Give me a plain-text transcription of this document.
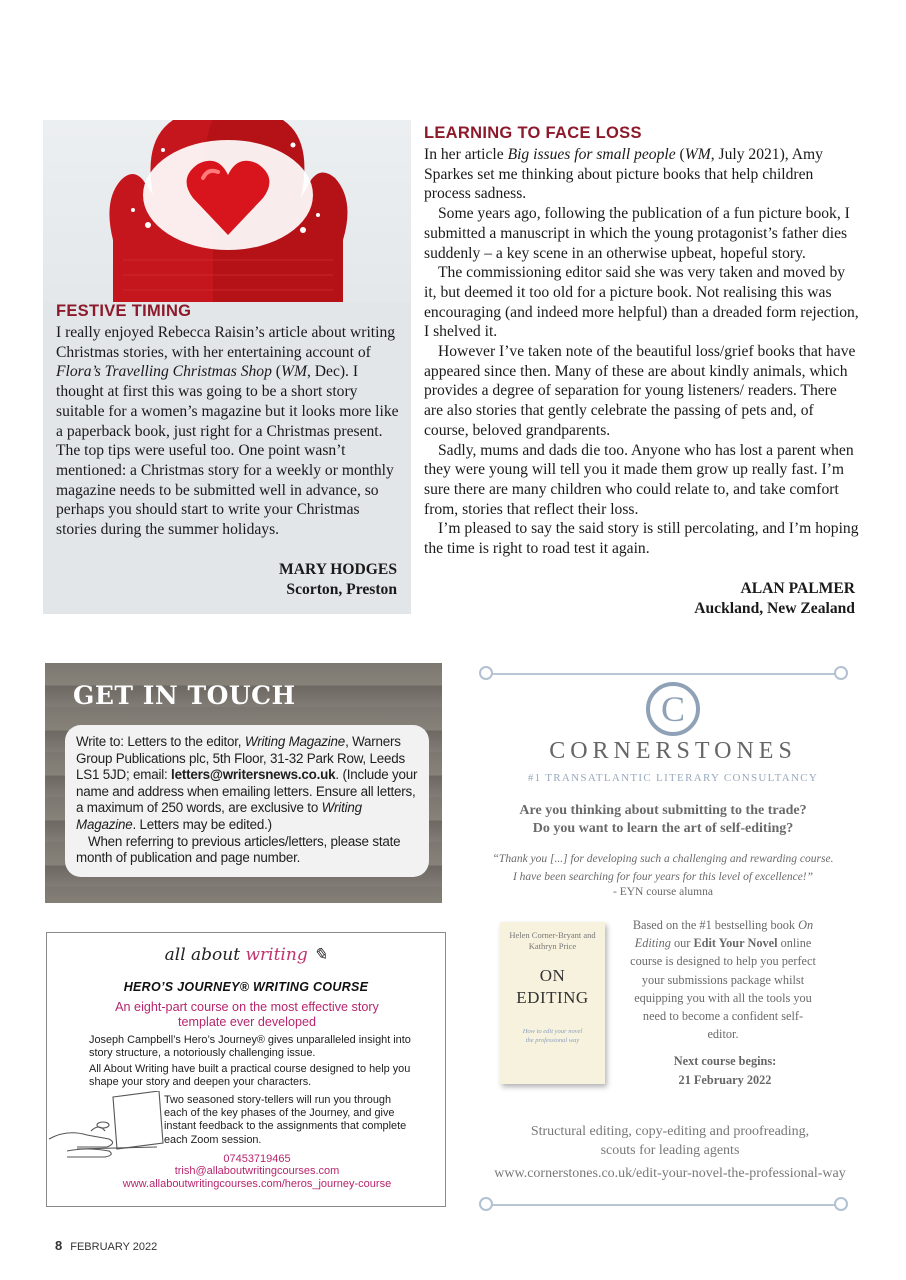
FESTIVE TIMING
I really enjoyed Rebecca Raisin’s article about writing Christmas stories, with her entertaining account of Flora’s Travelling Christmas Shop (WM, Dec). I thought at first this was going to be a short story suitable for a women’s magazine but it looks more like a paperback book, just right for a Christmas present. The top tips were useful too. One point wasn’t mentioned: a Christmas story for a weekly or monthly magazine needs to be submitted well in advance, so perhaps you should start to write your Christmas stories during the summer holidays.
MARY HODGES
Scorton, Preston
LEARNING TO FACE LOSS

In her article Big issues for small people (WM, July 2021), Amy Sparkes set me thinking about picture books that help children process sadness.

Some years ago, following the publication of a fun picture book, I submitted a manuscript in which the young protagonist’s father dies suddenly – a key scene in an otherwise upbeat, hopeful story.

The commissioning editor said she was very taken and moved by it, but deemed it too old for a picture book. Not realising this was encouraging (and indeed more helpful) than a dreaded form rejection, I shelved it.

However I’ve taken note of the beautiful loss/grief books that have appeared since then. Many of these are about kindly animals, which provides a degree of separation for young listeners/ readers. There are also stories that gently celebrate the passing of pets and, of course, beloved grandparents.

Sadly, mums and dads die too. Anyone who has lost a parent when they were young will tell you it made them grow up really fast. I’m sure there are many children who could relate to, and take comfort from, stories that reflect their loss.

I’m pleased to say the said story is still percolating, and I’m hoping the time is right to road test it again.

ALAN PALMER
Auckland, New Zealand
GET IN TOUCH

Write to: Letters to the editor, Writing Magazine, Warners Group Publications plc, 5th Floor, 31-32 Park Row, Leeds LS1 5JD; email: letters@writersnews.co.uk. (Include your name and address when emailing letters. Ensure all letters, a maximum of 250 words, are exclusive to Writing Magazine. Letters may be edited.)

When referring to previous articles/letters, please state month of publication and page number.

all about writing ✎
HERO’S JOURNEY® WRITING COURSE
An eight-part course on the most effective story template ever developed
Joseph Campbell’s Hero’s Journey® gives unparalleled insight into story structure, a notoriously challenging issue.
All About Writing have built a practical course designed to help you shape your story and deepen your characters.
Two seasoned story-tellers will run you through each of the key phases of the Journey, and give instant feedback to the assignments that complete each Zoom session.
07453719465
trish@allaboutwritingcourses.com
www.allaboutwritingcourses.com/heros_journey-course
C
CORNERSTONES
#1 TRANSATLANTIC LITERARY CONSULTANCY
Are you thinking about submitting to the trade?
Do you want to learn the art of self-editing?
“Thank you [...] for developing such a challenging and rewarding course.
I have been searching for four years for this level of excellence!”
- EYN course alumna
Helen Corner-Bryant and Kathryn Price
ON
EDITING
How to edit your novel the professional way
Based on the #1 bestselling book On Editing our Edit Your Novel online course is designed to help you perfect your submissions package whilst equipping you with all the tools you need to become a confident self-editor.
Next course begins:
21 February 2022
Structural editing, copy-editing and proofreading,
scouts for leading agents
www.cornerstones.co.uk/edit-your-novel-the-professional-way
8 FEBRUARY 2022
